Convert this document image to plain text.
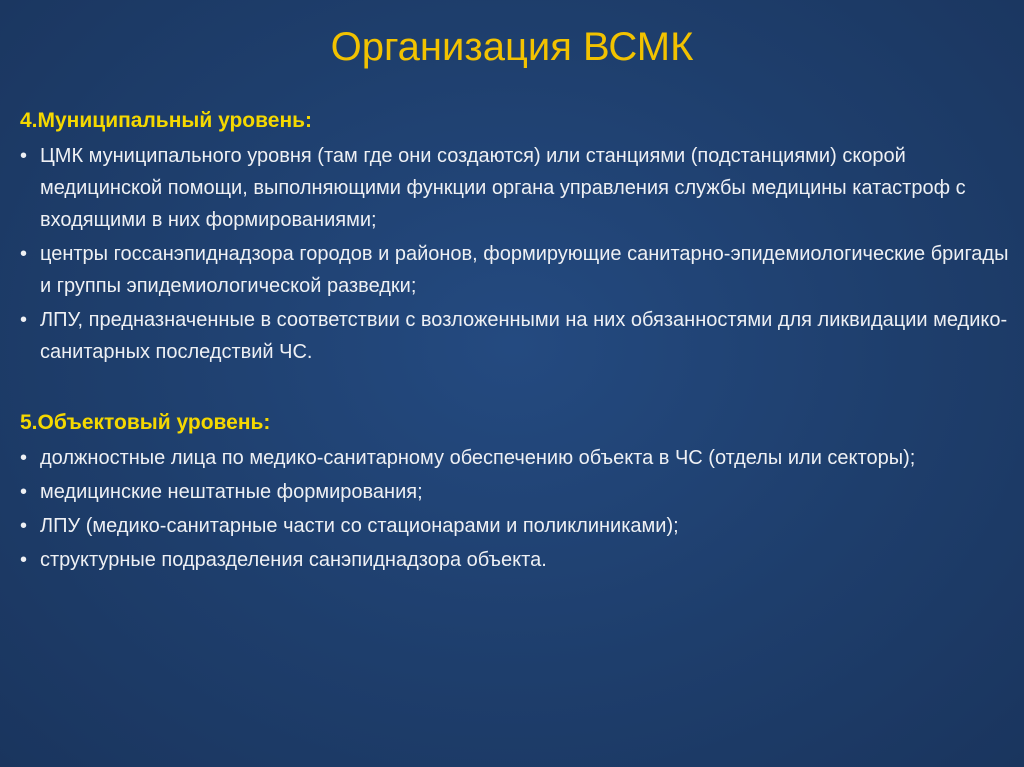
Организация ВСМК

4.Муниципальный уровень:

• ЦМК муниципального уровня (там где они создаются) или станциями (подстанциями) скорой медицинской помощи, выполняющими функции органа управления службы медицины катастроф с входящими в них формированиями;
• центры госсанэпиднадзора городов и районов, формирующие санитарно-эпидемиологические бригады и группы эпидемиологической разведки;
• ЛПУ, предназначенные в соответствии с возложенными на них обязанностями для ликвидации медико-санитарных последствий ЧС.

5.Объектовый уровень:

• должностные лица по медико-санитарному обеспечению объекта в ЧС (отделы или секторы);
• медицинские нештатные формирования;
• ЛПУ (медико-санитарные части со стационарами и поликлиниками);
• структурные подразделения санэпиднадзора объекта.
